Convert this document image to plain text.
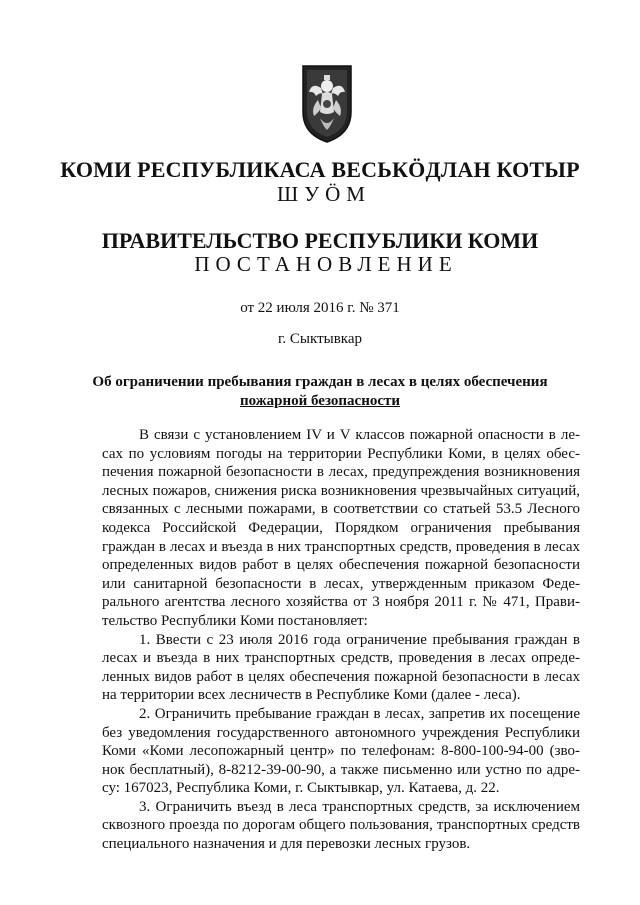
КОМИ РЕСПУБЛИКАСА ВЕСЬКÖДЛАН КОТЫР
ШУÖМ
ПРАВИТЕЛЬСТВО РЕСПУБЛИКИ КОМИ
ПОСТАНОВЛЕНИЕ
от 22 июля 2016 г. № 371
г. Сыктывкар
Об ограничении пребывания граждан в лесах в целях обеспечения
пожарной безопасности
В связи с установлением IV и V классов пожарной опасности в ле-
сах по условиям погоды на территории Республики Коми, в целях обес-
печения пожарной безопасности в лесах, предупреждения возникновения
лесных пожаров, снижения риска возникновения чрезвычайных ситуаций,
связанных с лесными пожарами, в соответствии со статьей 53.5 Лесного
кодекса Российской Федерации, Порядком ограничения пребывания
граждан в лесах и въезда в них транспортных средств, проведения в лесах
определенных видов работ в целях обеспечения пожарной безопасности
или санитарной безопасности в лесах, утвержденным приказом Феде-
рального агентства лесного хозяйства от 3 ноября 2011 г. № 471, Прави-
тельство Республики Коми постановляет:
1. Ввести с 23 июля 2016 года ограничение пребывания граждан в
лесах и въезда в них транспортных средств, проведения в лесах опреде-
ленных видов работ в целях обеспечения пожарной безопасности в лесах
на территории всех лесничеств в Республике Коми (далее - леса).
2. Ограничить пребывание граждан в лесах, запретив их посещение
без уведомления государственного автономного учреждения Республики
Коми «Коми лесопожарный центр» по телефонам: 8-800-100-94-00 (зво-
нок бесплатный), 8-8212-39-00-90, а также письменно или устно по адре-
су: 167023, Республика Коми, г. Сыктывкар, ул. Катаева, д. 22.
3. Ограничить въезд в леса транспортных средств, за исключением
сквозного проезда по дорогам общего пользования, транспортных средств
специального назначения и для перевозки лесных грузов.
